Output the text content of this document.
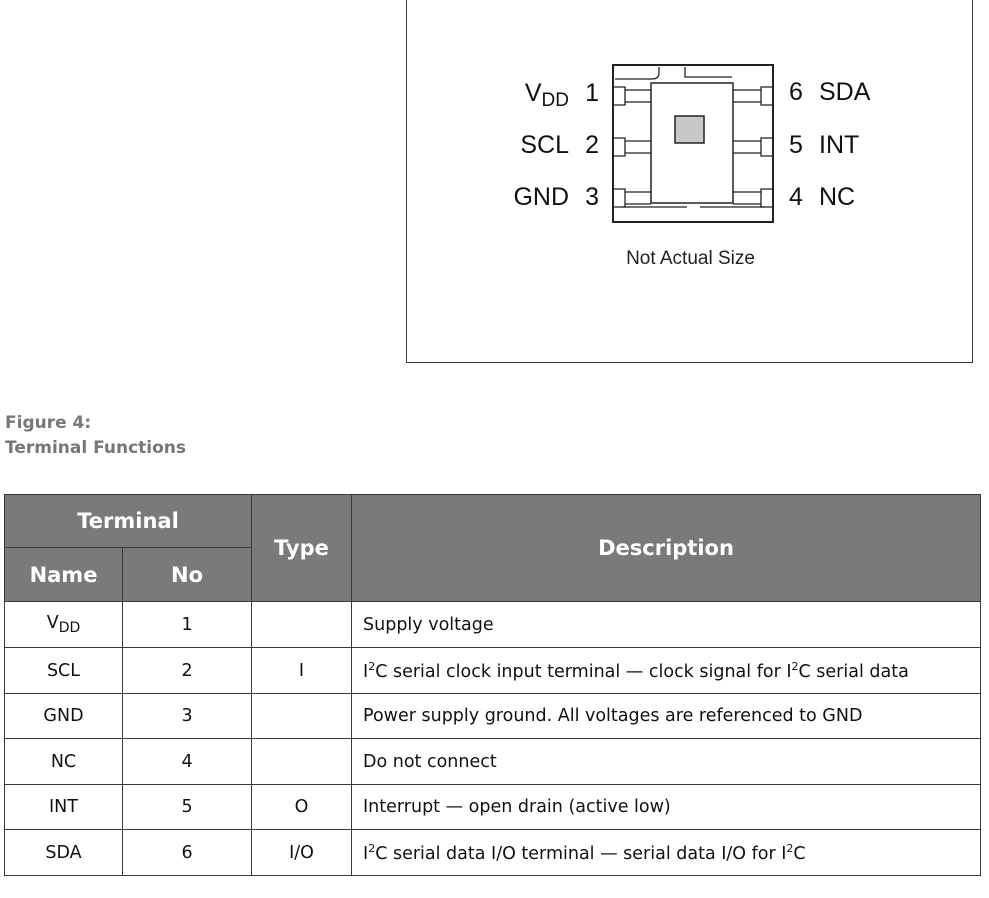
$V_{DD}$ 1
SCL 2
GND 3
6 SDA
5 INT
4 NC
Not Actual Size
Figure 4:
Terminal Functions
Terminal		Type	Description
Name	No		
$V_{DD}$	1		Supply voltage
SCL	2	I	$I^2C$ serial clock input terminal — clock signal for $I^2C$ serial data
GND	3		Power supply ground. All voltages are referenced to GND
NC	4		Do not connect
INT	5	O	Interrupt — open drain (active low)
SDA	6	I/O	$I^2C$ serial data I/O terminal — serial data I/O for $I^2C$
